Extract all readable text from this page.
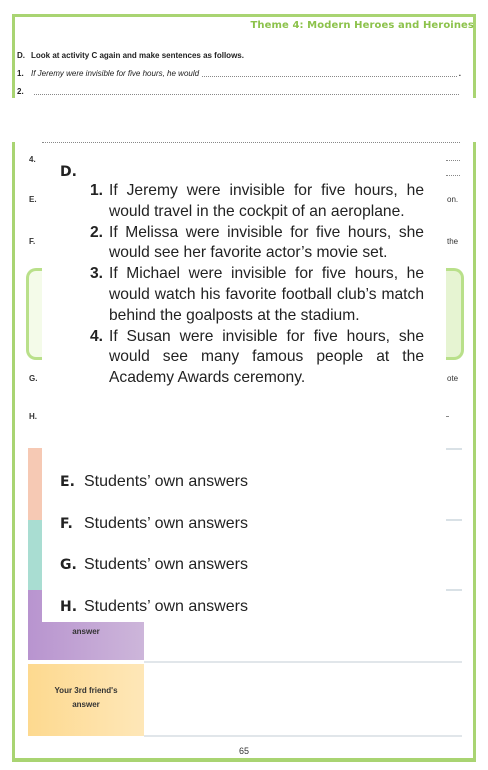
Theme 4: Modern Heroes and Heroines
D. Look at activity C again and make sentences as follows.
1. If Jeremy were invisible for five hours, he would	.
2.
4.
E.	on.
F.	the
G.	ote
H.
answer
Your 3rd friend's answer
65
D.
1. If Jeremy were invisible for five hours, he would travel in the cockpit of an aeroplane.
2. If Melissa were invisible for five hours, she would see her favorite actor’s movie set.
3. If Michael were invisible for five hours, he would watch his favorite football club’s match behind the goalposts at the stadium.
4. If Susan were invisible for five hours, she would see many famous people at the Academy Awards ceremony.
E. Students’ own answers
F. Students’ own answers
G. Students’ own answers
H. Students’ own answers
